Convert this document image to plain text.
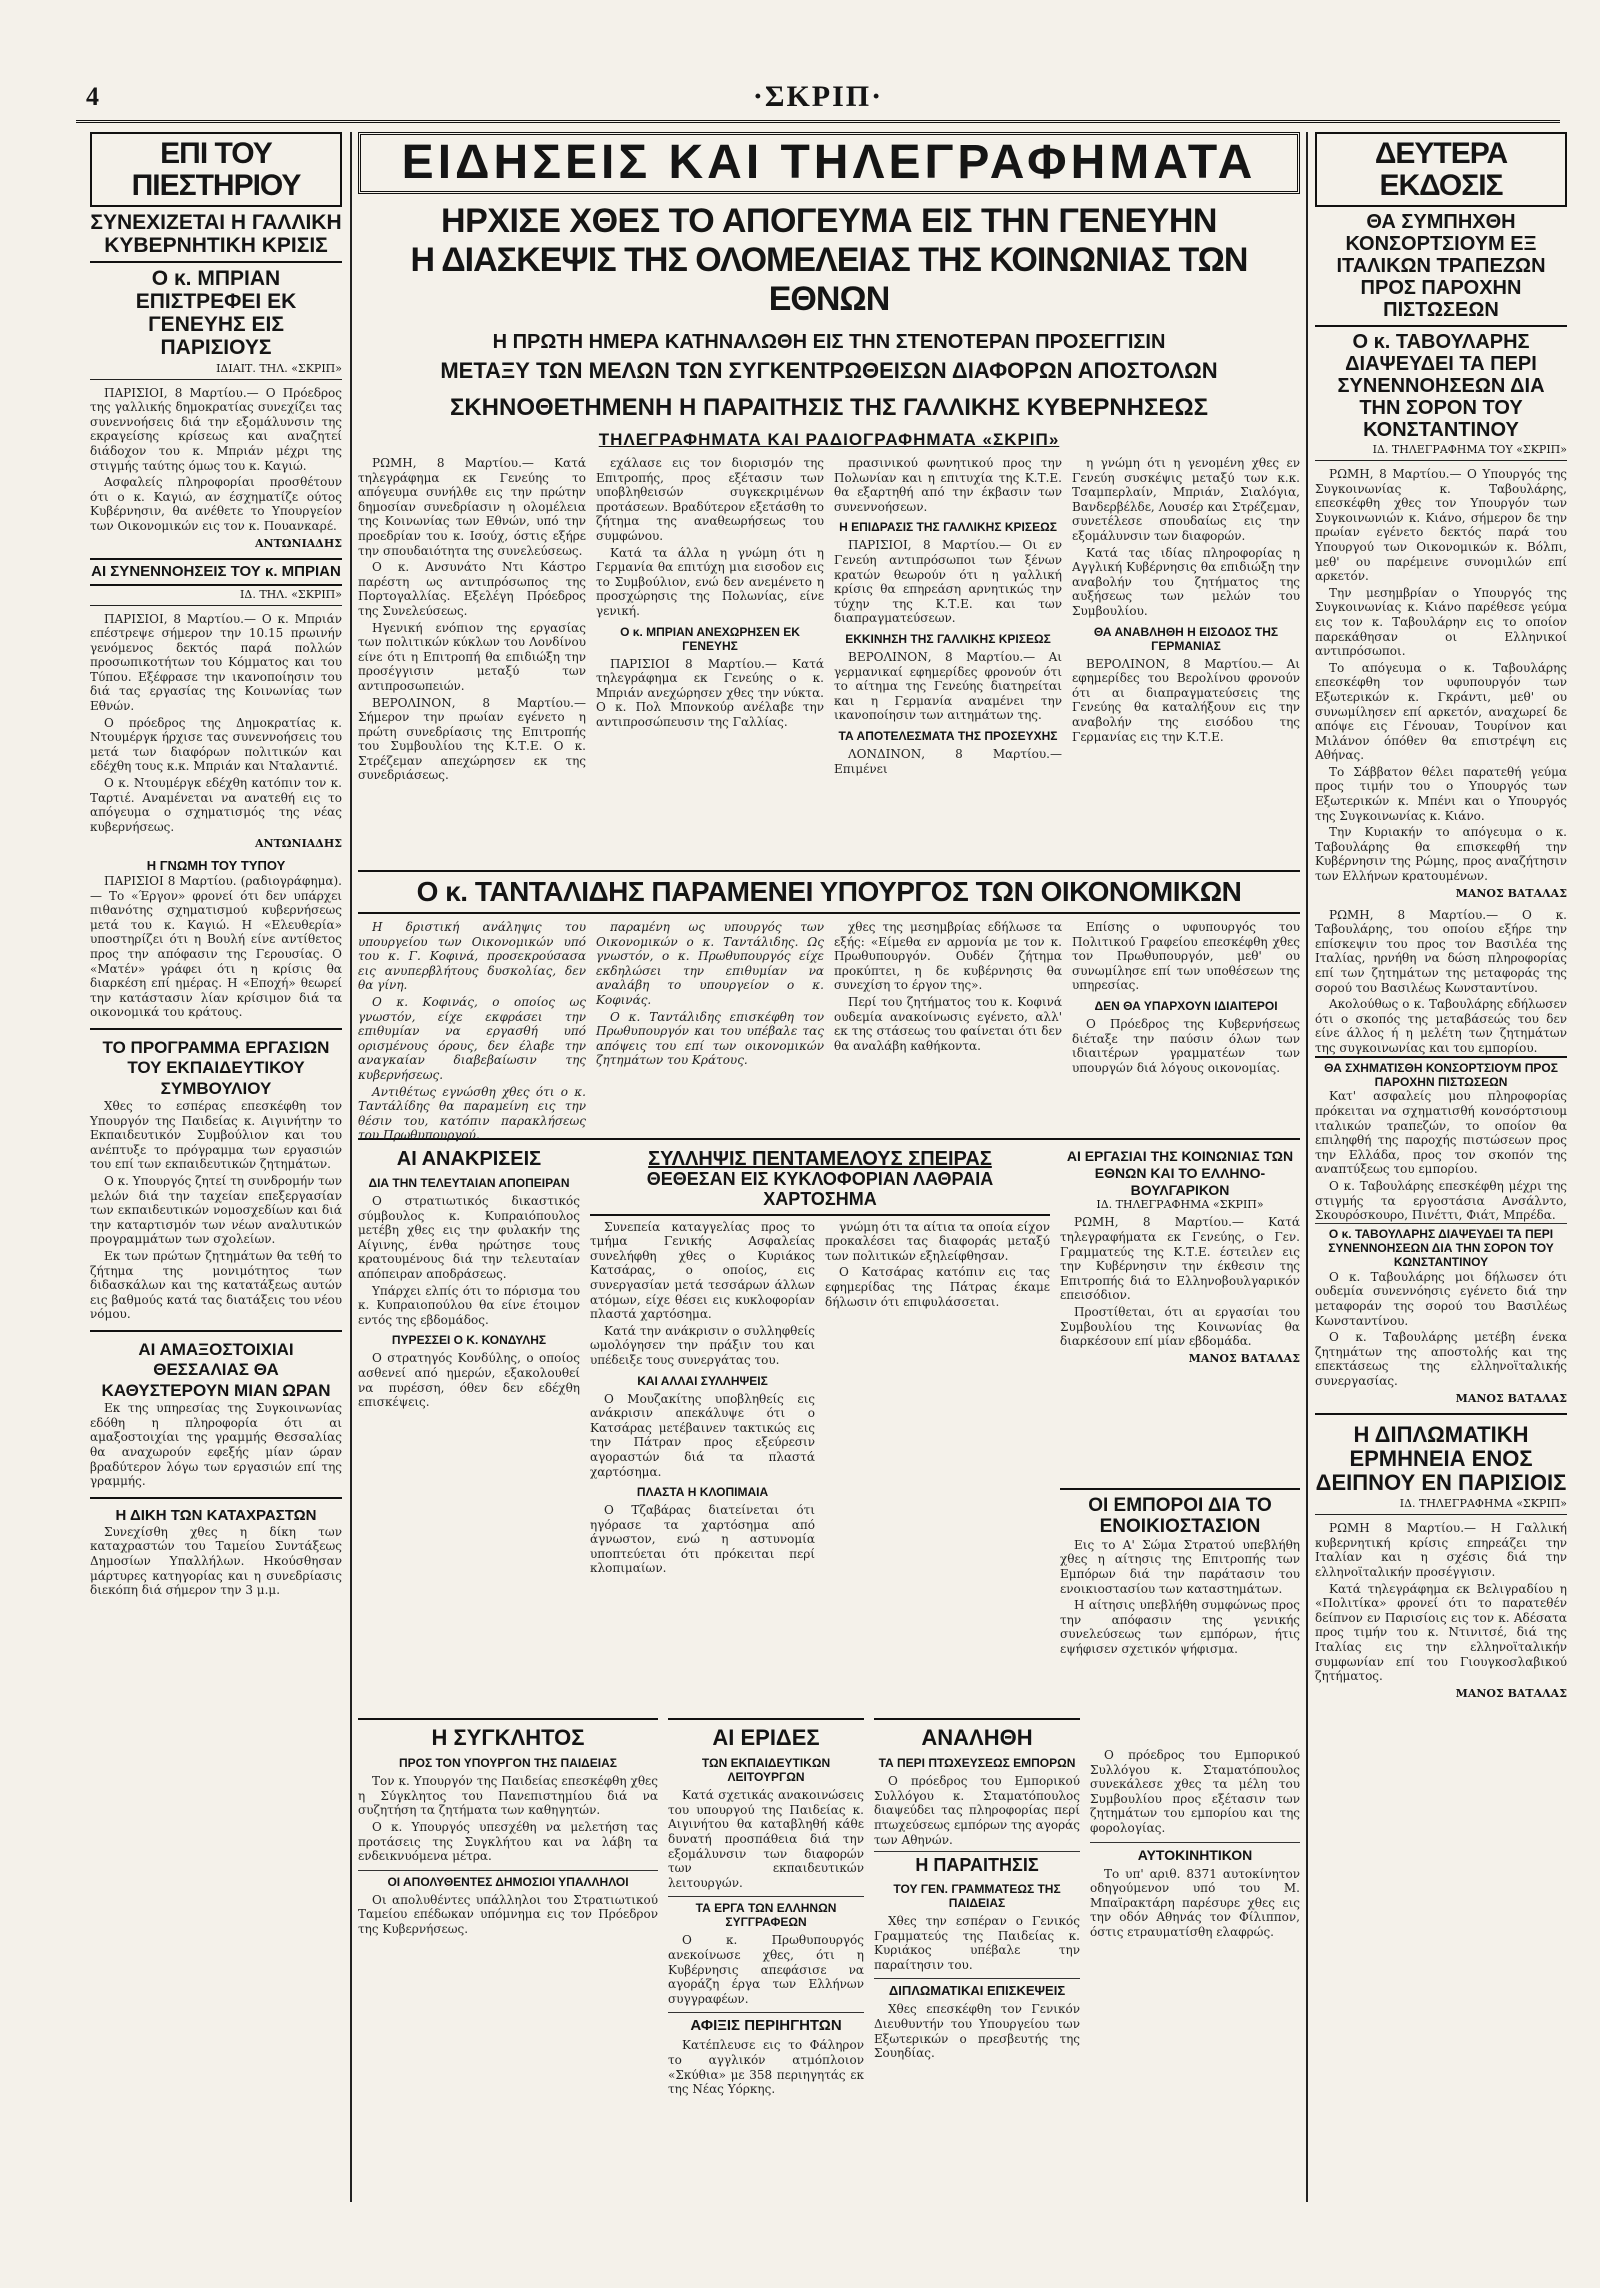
4	·ΣΚΡΙΠ·
ΕΠΙ ΤΟΥ ΠΙΕΣΤΗΡΙΟΥ
ΣΥΝΕΧΙΖΕΤΑΙ Η ΓΑΛΛΙΚΗ ΚΥΒΕΡΝΗΤΙΚΗ ΚΡΙΣΙΣ
Ο κ. ΜΠΡΙΑΝ ΕΠΙΣΤΡΕΦΕΙ ΕΚ ΓΕΝΕΥΗΣ ΕΙΣ ΠΑΡΙΣΙΟΥΣ
ΙΔΙΑΙΤ. ΤΗΛ. «ΣΚΡΙΠ»

ΠΑΡΙΣΙΟΙ, 8 Μαρτίου.— Ο Πρόεδρος της γαλλικής δημοκρατίας συνεχίζει τας συνεννοήσεις διά την εξομάλυνσιν της εκραγείσης κρίσεως και αναζητεί διάδοχον του κ. Μπριάν μέχρι της στιγμής ταύτης όμως του κ. Καγιώ.

Ασφαλείς πληροφορίαι προσθέτουν ότι ο κ. Καγιώ, αν έσχηματίζε ούτος Κυβέρνησιν, θα ανέθετε το Υπουργείον των Οικονομικών εις τον κ. Πουανκαρέ.

ΑΝΤΩΝΙΑΔΗΣ
ΑΙ ΣΥΝΕΝΝΟΗΣΕΙΣ ΤΟΥ κ. ΜΠΡΙΑΝ
ΙΔ. ΤΗΛ. «ΣΚΡΙΠ»

ΠΑΡΙΣΙΟΙ, 8 Μαρτίου.— Ο κ. Μπριάν επέστρεψε σήμερον την 10.15 πρωινήν γενόμενος δεκτός παρά πολλών προσωπικοτήτων του Κόμματος και του Τύπου. Εξέφρασε την ικανοποίησιν του διά τας εργασίας της Κοινωνίας των Εθνών.

Ο πρόεδρος της Δημοκρατίας κ. Ντουμέργκ ήρχισε τας συνεννοήσεις του μετά των διαφόρων πολιτικών και εδέχθη τους κ.κ. Μπριάν και Νταλαντιέ.

Ο κ. Ντουμέργκ εδέχθη κατόπιν τον κ. Ταρτιέ. Αναμένεται να ανατεθή εις το απόγευμα ο σχηματισμός της νέας κυβερνήσεως.

ΑΝΤΩΝΙΑΔΗΣ
Η ΓΝΩΜΗ ΤΟΥ ΤΥΠΟΥ

ΠΑΡΙΣΙΟΙ 8 Μαρτίου. (ραδιογράφημα).— Το «Έργον» φρονεί ότι δεν υπάρχει πιθανότης σχηματισμού κυβερνήσεως μετά του κ. Καγιώ. Η «Ελευθερία» υποστηρίζει ότι η Βουλή είνε αντίθετος προς την απόφασιν της Γερουσίας. Ο «Ματέν» γράφει ότι η κρίσις θα διαρκέση επί ημέρας. Η «Εποχή» θεωρεί την κατάστασιν λίαν κρίσιμον διά τα οικονομικά του κράτους.

ΤΟ ΠΡΟΓΡΑΜΜΑ ΕΡΓΑΣΙΩΝ ΤΟΥ ΕΚΠΑΙΔΕΥΤΙΚΟΥ ΣΥΜΒΟΥΛΙΟΥ

Χθες το εσπέρας επεσκέφθη τον Υπουργόν της Παιδείας κ. Αιγινήτην το Εκπαιδευτικόν Συμβούλιον και του ανέπτυξε το πρόγραμμα των εργασιών του επί των εκπαιδευτικών ζητημάτων.

Ο κ. Υπουργός ζητεί τη συνδρομήν των μελών διά την ταχείαν επεξεργασίαν των εκπαιδευτικών νομοσχεδίων και διά την καταρτισμόν των νέων αναλυτικών προγραμμάτων των σχολείων.

Εκ των πρώτων ζητημάτων θα τεθή το ζήτημα της μονιμότητος των διδασκάλων και της κατατάξεως αυτών εις βαθμούς κατά τας διατάξεις του νέου νόμου.

ΑΙ ΑΜΑΞΟΣΤΟΙΧΙΑΙ ΘΕΣΣΑΛΙΑΣ ΘΑ ΚΑΘΥΣΤΕΡΟΥΝ ΜΙΑΝ ΩΡΑΝ

Εκ της υπηρεσίας της Συγκοινωνίας εδόθη η πληροφορία ότι αι αμαξοστοιχίαι της γραμμής Θεσσαλίας θα αναχωρούν εφεξής μίαν ώραν βραδύτερον λόγω των εργασιών επί της γραμμής.

Η ΔΙΚΗ ΤΩΝ ΚΑΤΑΧΡΑΣΤΩΝ

Συνεχίσθη χθες η δίκη των καταχραστών του Ταμείου Συντάξεως Δημοσίων Υπαλλήλων. Ηκούσθησαν μάρτυρες κατηγορίας και η συνεδρίασις διεκόπη διά σήμερον την 3 μ.μ.

ΕΙΔΗΣΕΙΣ ΚΑΙ ΤΗΛΕΓΡΑΦΗΜΑΤΑ
ΗΡΧΙΣΕ ΧΘΕΣ ΤΟ ΑΠΟΓΕΥΜΑ ΕΙΣ ΤΗΝ ΓΕΝΕΥΗΝ
Η ΔΙΑΣΚΕΨΙΣ ΤΗΣ ΟΛΟΜΕΛΕΙΑΣ ΤΗΣ ΚΟΙΝΩΝΙΑΣ ΤΩΝ ΕΘΝΩΝ
Η ΠΡΩΤΗ ΗΜΕΡΑ ΚΑΤΗΝΑΛΩΘΗ ΕΙΣ ΤΗΝ ΣΤΕΝΟΤΕΡΑΝ ΠΡΟΣΕΓΓΙΣΙΝ
ΜΕΤΑΞΥ ΤΩΝ ΜΕΛΩΝ ΤΩΝ ΣΥΓΚΕΝΤΡΩΘΕΙΣΩΝ ΔΙΑΦΟΡΩΝ ΑΠΟΣΤΟΛΩΝ
ΣΚΗΝΟΘΕΤΗΜΕΝΗ Η ΠΑΡΑΙΤΗΣΙΣ ΤΗΣ ΓΑΛΛΙΚΗΣ ΚΥΒΕΡΝΗΣΕΩΣ
ΤΗΛΕΓΡΑΦΗΜΑΤΑ ΚΑΙ ΡΑΔΙΟΓΡΑΦΗΜΑΤΑ «ΣΚΡΙΠ»

ΡΩΜΗ, 8 Μαρτίου.— Κατά τηλεγράφημα εκ Γενεύης το απόγευμα συνήλθε εις την πρώτην δημοσίαν συνεδρίασιν η ολομέλεια της Κοινωνίας των Εθνών, υπό την προεδρίαν του κ. Ισούχ, όστις εξήρε την σπουδαιότητα της συνελεύσεως.

Ο κ. Ανσυνάτο Ντι Κάστρο παρέστη ως αντιπρόσωπος της Πορτογαλλίας. Εξελέγη Πρόεδρος της Συνελεύσεως.

Ηγενική ενόπιον της εργασίας των πολιτικών κύκλων του Λονδίνου είνε ότι η Επιτροπή θα επιδιώξη την προσέγγισιν μεταξύ των αντιπροσωπειών.

ΒΕΡΟΛΙΝΟΝ, 8 Μαρτίου.— Σήμερον την πρωίαν εγένετο η πρώτη συνεδρίασις της Επιτροπής του Συμβουλίου της Κ.Τ.Ε. Ο κ. Στρέζεμαν απεχώρησεν εκ της συνεδριάσεως.

εχάλασε εις τον διορισμόν της Επιτροπής, προς εξέτασιν των υποβληθεισών συγκεκριμένων προτάσεων. Βραδύτερον εξετάσθη το ζήτημα της αναθεωρήσεως του συμφώνου.

Κατά τα άλλα η γνώμη ότι η Γερμανία θα επιτύχη μια εισοδον εις το Συμβούλιον, ενώ δεν ανεμένετο η προσχώρησις της Πολωνίας, είνε γενική.

Ο κ. ΜΠΡΙΑΝ ΑΝΕΧΩΡΗΣΕΝ ΕΚ ΓΕΝΕΥΗΣ

ΠΑΡΙΣΙΟΙ 8 Μαρτίου.— Κατά τηλεγράφημα εκ Γενεύης ο κ. Μπριάν ανεχώρησεν χθες την νύκτα. Ο κ. Πολ Μπονκούρ ανέλαβε την αντιπροσώπευσιν της Γαλλίας.

πρασινικού φωνητικού προς την Πολωνίαν και η επιτυχία της Κ.Τ.Ε. θα εξαρτηθή από την έκβασιν των συνεννοήσεων.

Η ΕΠΙΔΡΑΣΙΣ ΤΗΣ ΓΑΛΛΙΚΗΣ ΚΡΙΣΕΩΣ

ΠΑΡΙΣΙΟΙ, 8 Μαρτίου.— Οι εν Γενεύη αντιπρόσωποι των ξένων κρατών θεωρούν ότι η γαλλική κρίσις θα επηρεάση αρνητικώς την τύχην της Κ.Τ.Ε. και των διαπραγματεύσεων.

ΕΚΚΙΝΗΣΗ ΤΗΣ ΓΑΛΛΙΚΗΣ ΚΡΙΣΕΩΣ

ΒΕΡΟΛΙΝΟΝ, 8 Μαρτίου.— Αι γερμανικαί εφημερίδες φρονούν ότι το αίτημα της Γενεύης διατηρείται και η Γερμανία αναμένει την ικανοποίησιν των αιτημάτων της.

ΤΑ ΑΠΟΤΕΛΕΣΜΑΤΑ ΤΗΣ ΠΡΟΣΕΥΧΗΣ

ΛΟΝΔΙΝΟΝ, 8 Μαρτίου.— Επιμένει

η γνώμη ότι η γενομένη χθες εν Γενεύη συσκέψις μεταξύ των κ.κ. Τσαμπερλαίν, Μπριάν, Σιαλόγια, Βανδερβέλδε, Λουσέρ και Στρέζεμαν, συνετέλεσε σπουδαίως εις την εξομάλυνσιν των διαφορών.

Κατά τας ιδίας πληροφορίας η Αγγλική Κυβέρνησις θα επιδιώξη την αναβολήν του ζητήματος της αυξήσεως των μελών του Συμβουλίου.

ΘΑ ΑΝΑΒΛΗΘΗ Η ΕΙΣΟΔΟΣ ΤΗΣ ΓΕΡΜΑΝΙΑΣ

ΒΕΡΟΛΙΝΟΝ, 8 Μαρτίου.— Αι εφημερίδες του Βερολίνου φρονούν ότι αι διαπραγματεύσεις της Γενεύης θα καταλήξουν εις την αναβολήν της εισόδου της Γερμανίας εις την Κ.Τ.Ε.

Ο κ. ΤΑΝΤΑΛΙΔΗΣ ΠΑΡΑΜΕΝΕΙ ΥΠΟΥΡΓΟΣ ΤΩΝ ΟΙΚΟΝΟΜΙΚΩΝ

Η δριστική ανάληψις του υπουργείου των Οικονομικών υπό του κ. Γ. Κοφινά, προσεκρούσασα εις ανυπερβλήτους δυσκολίας, δεν θα γίνη.

Ο κ. Κοφινάς, ο οποίος ως γνωστόν, είχε εκφράσει την επιθυμίαν να εργασθή υπό ορισμένους όρους, δεν έλαβε την αναγκαίαν διαβεβαίωσιν της κυβερνήσεως.

Αντιθέτως εγνώσθη χθες ότι ο κ. Ταντάλίδης θα παραμείνη εις την θέσιν του, κατόπιν παρακλήσεως του Πρωθυπουργού.

παραμένη ως υπουργός των Οικονομικών ο κ. Ταντάλιδης. Ως γνωστόν, ο κ. Πρωθυπουργός είχε εκδηλώσει την επιθυμίαν να αναλάβη το υπουργείον ο κ. Κοφινάς.

Ο κ. Ταντάλιδης επισκέφθη τον Πρωθυπουργόν και του υπέβαλε τας απόψεις του επί των οικονομικών ζητημάτων του Κράτους.

χθες της μεσημβρίας εδήλωσε τα εξής: «Είμεθα εν αρμονία με τον κ. Πρωθυπουργόν. Ουδέν ζήτημα προκύπτει, η δε κυβέρνησις θα συνεχίση το έργον της».

Περί του ζητήματος του κ. Κοφινά ουδεμία ανακοίνωσις εγένετο, αλλ' εκ της στάσεως του φαίνεται ότι δεν θα αναλάβη καθήκοντα.

Επίσης ο υφυπουργός του Πολιτικού Γραφείου επεσκέφθη χθες τον Πρωθυπουργόν, μεθ' ου συνωμίλησε επί των υποθέσεων της υπηρεσίας.

ΔΕΝ ΘΑ ΥΠΑΡΧΟΥΝ ΙΔΙΑΙΤΕΡΟΙ

Ο Πρόεδρος της Κυβερνήσεως διέταξε την παύσιν όλων των ιδιαιτέρων γραμματέων των υπουργών διά λόγους οικονομίας.

ΑΙ ΑΝΑΚΡΙΣΕΙΣ
ΔΙΑ ΤΗΝ ΤΕΛΕΥΤΑΙΑΝ ΑΠΟΠΕΙΡΑΝ

Ο στρατιωτικός δικαστικός σύμβουλος κ. Κυπραιόπουλος μετέβη χθες εις την φυλακήν της Αίγινης, ένθα ηρώτησε τους κρατουμένους διά την τελευταίαν απόπειραν αποδράσεως.

Υπάρχει ελπίς ότι το πόρισμα του κ. Κυπραιοπούλου θα είνε έτοιμον εντός της εβδομάδος.

ΠΥΡΕΣΣΕΙ Ο Κ. ΚΟΝΔΥΛΗΣ

Ο στρατηγός Κονδύλης, ο οποίος ασθενεί από ημερών, εξακολουθεί να πυρέσση, όθεν δεν εδέχθη επισκέψεις.

ΣΥΛΛΗΨΙΣ ΠΕΝΤΑΜΕΛΟΥΣ ΣΠΕΙΡΑΣ
ΘΕΘΕΣΑΝ ΕΙΣ ΚΥΚΛΟΦΟΡΙΑΝ ΛΑΘΡΑΙΑ ΧΑΡΤΟΣΗΜΑ

Συνεπεία καταγγελίας προς το τμήμα Γενικής Ασφαλείας συνελήφθη χθες ο Κυριάκος Κατσάρας, ο οποίος, εις συνεργασίαν μετά τεσσάρων άλλων ατόμων, είχε θέσει εις κυκλοφορίαν πλαστά χαρτόσημα.

Κατά την ανάκρισιν ο συλληφθείς ωμολόγησεν την πράξιν του και υπέδειξε τους συνεργάτας του.

ΚΑΙ ΑΛΛΑΙ ΣΥΛΛΗΨΕΙΣ

Ο Μουζακίτης υποβληθείς εις ανάκρισιν απεκάλυψε ότι ο Κατσάρας μετέβαινεν τακτικώς εις την Πάτραν προς εξεύρεσιν αγοραστών διά τα πλαστά χαρτόσημα.

ΠΛΑΣΤΑ Η ΚΛΟΠΙΜΑΙΑ

Ο Τζαβάρας διατείνεται ότι ηγόρασε τα χαρτόσημα από άγνωστον, ενώ η αστυνομία υποπτεύεται ότι πρόκειται περί κλοπιμαίων.

γνώμη ότι τα αίτια τα οποία είχον προκαλέσει τας διαφοράς μεταξύ των πολιτικών εξηλείφθησαν.

Ο Κατσάρας κατόπιν εις τας εφημερίδας της Πάτρας έκαμε δήλωσιν ότι επιφυλάσσεται.

ΑΙ ΕΡΓΑΣΙΑΙ ΤΗΣ ΚΟΙΝΩΝΙΑΣ ΤΩΝ ΕΘΝΩΝ ΚΑΙ ΤΟ ΕΛΛΗΝΟ-ΒΟΥΛΓΑΡΙΚΟΝ
ΙΔ. ΤΗΛΕΓΡΑΦΗΜΑ «ΣΚΡΙΠ»

ΡΩΜΗ, 8 Μαρτίου.— Κατά τηλεγραφήματα εκ Γενεύης, ο Γεν. Γραμματεύς της Κ.Τ.Ε. έστειλεν εις την Κυβέρνησιν την έκθεσιν της Επιτροπής διά το Ελληνοβουλγαρικόν επεισόδιον.

Προστίθεται, ότι αι εργασίαι του Συμβουλίου της Κοινωνίας θα διαρκέσουν επί μίαν εβδομάδα.

ΜΑΝΟΣ ΒΑΤΑΛΑΣ
ΟΙ ΕΜΠΟΡΟΙ ΔΙΑ ΤΟ ΕΝΟΙΚΙΟΣΤΑΣΙΟΝ

Εις το Α' Σώμα Στρατού υπεβλήθη χθες η αίτησις της Επιτροπής των Εμπόρων διά την παράτασιν του ενοικιοστασίου των καταστημάτων.

Η αίτησις υπεβλήθη συμφώνως προς την απόφασιν της γενικής συνελεύσεως των εμπόρων, ήτις εψήφισεν σχετικόν ψήφισμα.

Η ΣΥΓΚΛΗΤΟΣ
ΠΡΟΣ ΤΟΝ ΥΠΟΥΡΓΟΝ ΤΗΣ ΠΑΙΔΕΙΑΣ

Τον κ. Υπουργόν της Παιδείας επεσκέφθη χθες η Σύγκλητος του Πανεπιστημίου διά να συζητήση τα ζητήματα των καθηγητών.

Ο κ. Υπουργός υπεσχέθη να μελετήση τας προτάσεις της Συγκλήτου και να λάβη τα ενδεικνυόμενα μέτρα.

ΟΙ ΑΠΟΛΥΘΕΝΤΕΣ ΔΗΜΟΣΙΟΙ ΥΠΑΛΛΗΛΟΙ

Οι απολυθέντες υπάλληλοι του Στρατιωτικού Ταμείου επέδωκαν υπόμνημα εις τον Πρόεδρον της Κυβερνήσεως.

ΑΙ ΕΡΙΔΕΣ
ΤΩΝ ΕΚΠΑΙΔΕΥΤΙΚΩΝ ΛΕΙΤΟΥΡΓΩΝ

Κατά σχετικάς ανακοινώσεις του υπουργού της Παιδείας κ. Αιγινήτου θα καταβληθή κάθε δυνατή προσπάθεια διά την εξομάλυνσιν των διαφορών των εκπαιδευτικών λειτουργών.

ΤΑ ΕΡΓΑ ΤΩΝ ΕΛΛΗΝΩΝ ΣΥΓΓΡΑΦΕΩΝ

Ο κ. Πρωθυπουργός ανεκοίνωσε χθες, ότι η Κυβέρνησις απεφάσισε να αγοράζη έργα των Ελλήνων συγγραφέων.

ΑΦΙΞΙΣ ΠΕΡΙΗΓΗΤΩΝ

Κατέπλευσε εις το Φάληρον το αγγλικόν ατμόπλοιον «Σκύθια» με 358 περιηγητάς εκ της Νέας Υόρκης.

ΑΝΑΛΗΘΗ
ΤΑ ΠΕΡΙ ΠΤΩΧΕΥΣΕΩΣ ΕΜΠΟΡΩΝ

Ο πρόεδρος του Εμπορικού Συλλόγου κ. Σταματόπουλος διαψεύδει τας πληροφορίας περί πτωχεύσεως εμπόρων της αγοράς των Αθηνών.

Η ΠΑΡΑΙΤΗΣΙΣ
ΤΟΥ ΓΕΝ. ΓΡΑΜΜΑΤΕΩΣ ΤΗΣ ΠΑΙΔΕΙΑΣ

Χθες την εσπέραν ο Γενικός Γραμματεύς της Παιδείας κ. Κυριάκος υπέβαλε την παραίτησιν του.

ΔΙΠΛΩΜΑΤΙΚΑΙ ΕΠΙΣΚΕΨΕΙΣ

Χθες επεσκέφθη τον Γενικόν Διευθυντήν του Υπουργείου των Εξωτερικών ο πρεσβευτής της Σουηδίας.

Ο πρόεδρος του Εμπορικού Συλλόγου κ. Σταματόπουλος συνεκάλεσε χθες τα μέλη του Συμβουλίου προς εξέτασιν των ζητημάτων του εμπορίου και της φορολογίας.

ΑΥΤΟΚΙΝΗΤΙΚΟΝ

Το υπ' αριθ. 8371 αυτοκίνητον οδηγούμενον υπό του Μ. Μπαϊρακτάρη παρέσυρε χθες εις την οδόν Αθηνάς τον Φίλιππον, όστις ετραυματίσθη ελαφρώς.

ΔΕΥΤΕΡΑ ΕΚΔΟΣΙΣ
ΘΑ ΣΥΜΠΗΧΘΗ ΚΟΝΣΟΡΤΣΙΟΥΜ ΕΞ ΙΤΑΛΙΚΩΝ ΤΡΑΠΕΖΩΝ ΠΡΟΣ ΠΑΡΟΧΗΝ ΠΙΣΤΩΣΕΩΝ
Ο κ. ΤΑΒΟΥΛΑΡΗΣ ΔΙΑΨΕΥΔΕΙ ΤΑ ΠΕΡΙ ΣΥΝΕΝΝΟΗΣΕΩΝ ΔΙΑ ΤΗΝ ΣΟΡΟΝ ΤΟΥ ΚΟΝΣΤΑΝΤΙΝΟΥ
ΙΔ. ΤΗΛΕΓΡΑΦΗΜΑ ΤΟΥ «ΣΚΡΙΠ»

ΡΩΜΗ, 8 Μαρτίου.— Ο Υπουργός της Συγκοινωνίας κ. Ταβουλάρης, επεσκέφθη χθες τον Υπουργόν των Συγκοινωνιών κ. Κιάνο, σήμερον δε την πρωίαν εγένετο δεκτός παρά του Υπουργού των Οικονομικών κ. Βόλπι, μεθ' ου παρέμεινε συνομιλών επί αρκετόν.

Την μεσημβρίαν ο Υπουργός της Συγκοινωνίας κ. Κιάνο παρέθεσε γεύμα εις τον κ. Ταβουλάρην εις το οποίον παρεκάθησαν οι Ελληνικοί αντιπρόσωποι.

Το απόγευμα ο κ. Ταβουλάρης επεσκέφθη τον υφυπουργόν των Εξωτερικών κ. Γκράντι, μεθ' ου συνωμίλησεν επί αρκετόν, αναχωρεί δε απόψε εις Γένουαν, Τουρίνον και Μιλάνον όπόθεν θα επιστρέψη εις Αθήνας.

Το Σάββατον θέλει παρατεθή γεύμα προς τιμήν του ο Υπουργός των Εξωτερικών κ. Μπένι και ο Υπουργός της Συγκοινωνίας κ. Κιάνο.

Την Κυριακήν το απόγευμα ο κ. Ταβουλάρης θα επισκεφθή την Κυβέρνησιν της Ρώμης, προς αναζήτησιν των Ελλήνων κρατουμένων.

ΜΑΝΟΣ ΒΑΤΑΛΑΣ

ΡΩΜΗ, 8 Μαρτίου.— Ο κ. Ταβουλάρης, του οποίου εξήρε την επίσκεψιν του προς τον Βασιλέα της Ιταλίας, ηρνήθη να δώση πληροφορίας επί των ζητημάτων της μεταφοράς της σορού του Βασιλέως Κωνσταντίνου.

Ακολούθως ο κ. Ταβουλάρης εδήλωσεν ότι ο σκοπός της μεταβάσεώς του δεν είνε άλλος ή η μελέτη των ζητημάτων της συγκοινωνίας και του εμπορίου.

ΘΑ ΣΧΗΜΑΤΙΣΘΗ ΚΟΝΣΟΡΤΣΙΟΥΜ ΠΡΟΣ ΠΑΡΟΧΗΝ ΠΙΣΤΩΣΕΩΝ

Κατ' ασφαλείς μου πληροφορίας πρόκειται να σχηματισθή κονσόρτσιουμ ιταλικών τραπεζών, το οποίον θα επιληφθή της παροχής πιστώσεων προς την Ελλάδα, προς τον σκοπόν της αναπτύξεως του εμπορίου.

Ο κ. Ταβουλάρης επεσκέφθη μέχρι της στιγμής τα εργοστάσια Ανσάλντο, Σκουρόσκουρο, Πινέττι, Φιάτ, Μπρέδα.

Ο κ. ΤΑΒΟΥΛΑΡΗΣ ΔΙΑΨΕΥΔΕΙ ΤΑ ΠΕΡΙ ΣΥΝΕΝΝΟΗΣΕΩΝ ΔΙΑ ΤΗΝ ΣΟΡΟΝ ΤΟΥ ΚΩΝΣΤΑΝΤΙΝΟΥ

Ο κ. Ταβουλάρης μοι δήλωσεν ότι ουδεμία συνεννόησις εγένετο διά την μεταφοράν της σορού του Βασιλέως Κωνσταντίνου.

Ο κ. Ταβουλάρης μετέβη ένεκα ζητημάτων της αποστολής και της επεκτάσεως της ελληνοϊταλικής συνεργασίας.

ΜΑΝΟΣ ΒΑΤΑΛΑΣ
Η ΔΙΠΛΩΜΑΤΙΚΗ ΕΡΜΗΝΕΙΑ ΕΝΟΣ ΔΕΙΠΝΟΥ ΕΝ ΠΑΡΙΣΙΟΙΣ
ΙΔ. ΤΗΛΕΓΡΑΦΗΜΑ «ΣΚΡΙΠ»

ΡΩΜΗ 8 Μαρτίου.— Η Γαλλική κυβερνητική κρίσις επηρεάζει την Ιταλίαν και η σχέσις διά την ελληνοϊταλικήν προσέγγισιν.

Κατά τηλεγράφημα εκ Βελιγραδίου η «Πολιτίκα» φρονεί ότι το παρατεθέν δείπνον εν Παρισίοις εις τον κ. Αδέσατα προς τιμήν του κ. Ντινιτσέ, διά της Ιταλίας εις την ελληνοϊταλικήν συμφωνίαν επί του Γιουγκοσλαβικού ζητήματος.

ΜΑΝΟΣ ΒΑΤΑΛΑΣ
